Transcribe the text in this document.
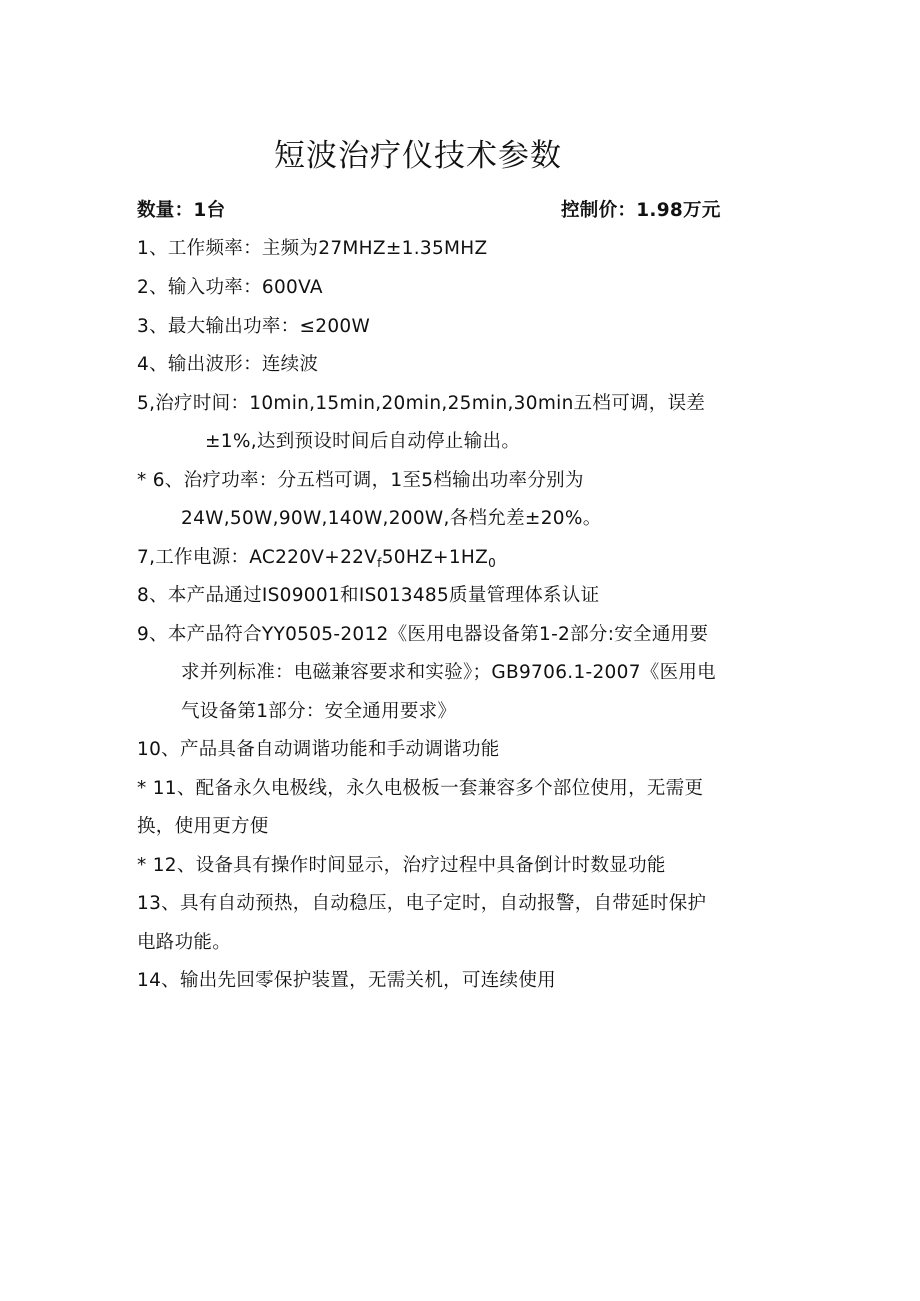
短波治疗仪技术参数
数量：1台	控制价：1.98万元
1、工作频率：主频为27MHZ±1.35MHZ
2、输入功率：600VA
3、最大输出功率：≤200W
4、输出波形：连续波
5,治疗时间：10min,15min,20min,25min,30min五档可调，误差
±1%,达到预设时间后自动停止输出。
* 6、治疗功率：分五档可调，1至5档输出功率分别为
24W,50W,90W,140W,200W,各档允差±20%。
7,工作电源：$AC220V+22V_f50HZ+1HZ_0$
8、本产品通过IS09001和IS013485质量管理体系认证
9、本产品符合YY0505-2012《医用电器设备第1-2部分:安全通用要
求并列标准：电磁兼容要求和实验》；GB9706.1-2007《医用电
气设备第1部分：安全通用要求》
10、产品具备自动调谐功能和手动调谐功能
* 11、配备永久电极线，永久电极板一套兼容多个部位使用，无需更
换，使用更方便
* 12、设备具有操作时间显示，治疗过程中具备倒计时数显功能
13、具有自动预热，自动稳压，电子定时，自动报警，自带延时保护
电路功能。
14、输出先回零保护装置，无需关机，可连续使用
